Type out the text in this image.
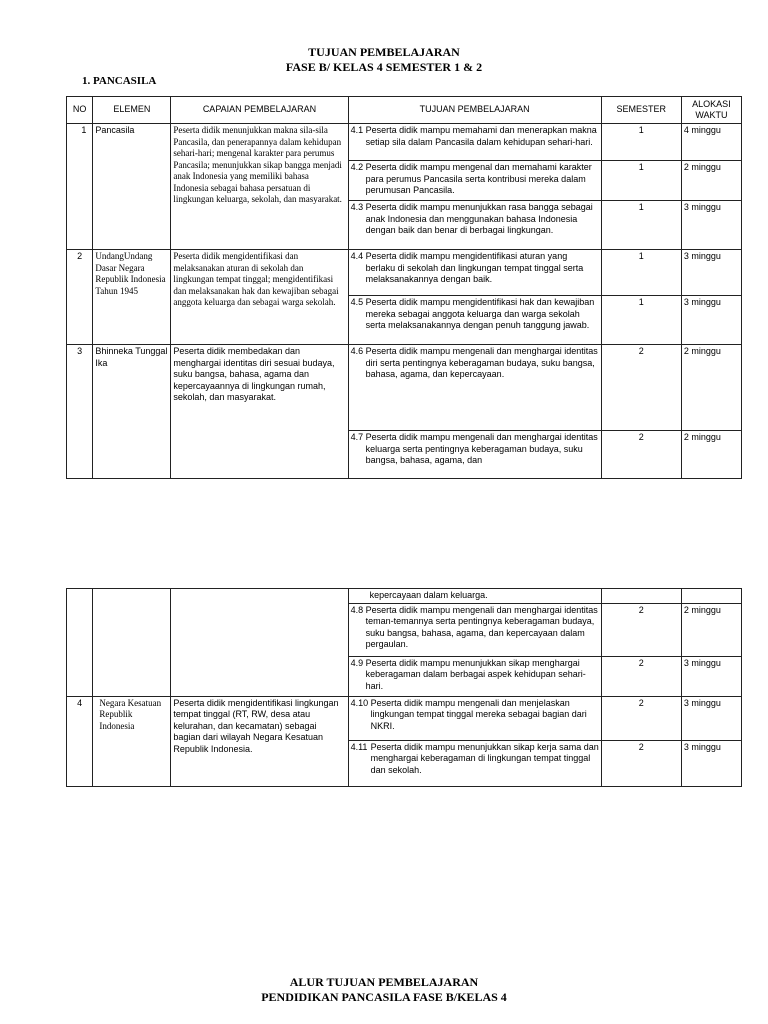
TUJUAN PEMBELAJARAN
FASE B/ KELAS 4 SEMESTER 1 & 2
1. PANCASILA
NO	ELEMEN	CAPAIAN PEMBELAJARAN	TUJUAN PEMBELAJARAN	SEMESTER	ALOKASI WAKTU
1	Pancasila	Peserta didik menunjukkan makna sila-sila Pancasila, dan penerapannya dalam kehidupan sehari-hari; mengenal karakter para perumus Pancasila; menunjukkan sikap bangga menjadi anak Indonesia yang memiliki bahasa Indonesia sebagai bahasa persatuan di lingkungan keluarga, sekolah, dan masyarakat.	4.1 Peserta didik mampu memahami dan menerapkan makna setiap sila dalam Pancasila dalam kehidupan sehari-hari.	1	4 minggu

			4.2 Peserta didik mampu mengenal dan memahami karakter para perumus Pancasila serta kontribusi mereka dalam perumusan Pancasila.	1	2 minggu

			4.3 Peserta didik mampu menunjukkan rasa bangga sebagai anak Indonesia dan menggunakan bahasa Indonesia dengan baik dan benar di berbagai lingkungan.	1	3 minggu
2	UndangUndang Dasar Negara Republik Indonesia Tahun 1945	Peserta didik mengidentifikasi dan melaksanakan aturan di sekolah dan lingkungan tempat tinggal; mengidentifikasi dan melaksanakan hak dan kewajiban sebagai anggota keluarga dan sebagai warga sekolah.	4.4 Peserta didik mampu mengidentifikasi aturan yang berlaku di sekolah dan lingkungan tempat tinggal serta melaksanakannya dengan baik.	1	3 minggu

			4.5 Peserta didik mampu mengidentifikasi hak dan kewajiban mereka sebagai anggota keluarga dan warga sekolah serta melaksanakannya dengan penuh tanggung jawab.	1	3 minggu
3	Bhinneka Tunggal Ika	Peserta didik membedakan dan menghargai identitas diri sesuai budaya, suku bangsa, bahasa, agama dan kepercayaannya di lingkungan rumah, sekolah, dan masyarakat.	4.6 Peserta didik mampu mengenali dan menghargai identitas diri serta pentingnya keberagaman budaya, suku bangsa, bahasa, agama, dan kepercayaan.	2	2 minggu

			4.7 Peserta didik mampu mengenali dan menghargai identitas keluarga serta pentingnya keberagaman budaya, suku bangsa, bahasa, agama, dan	2	2 minggu

			kepercayaan dalam keluarga.		

			4.8 Peserta didik mampu mengenali dan menghargai identitas teman-temannya serta pentingnya keberagaman budaya, suku bangsa, bahasa, agama, dan kepercayaan dalam pergaulan.	2	2 minggu

			4.9 Peserta didik mampu menunjukkan sikap menghargai keberagaman dalam berbagai aspek kehidupan sehari-hari.	2	3 minggu
4	Negara Kesatuan Republik Indonesia	Peserta didik mengidentifikasi lingkungan tempat tinggal (RT, RW, desa atau kelurahan, dan kecamatan) sebagai bagian dari wilayah Negara Kesatuan Republik Indonesia.	4.10 Peserta didik mampu mengenali dan menjelaskan lingkungan tempat tinggal mereka sebagai bagian dari NKRI.	2	3 minggu

			4.11 Peserta didik mampu menunjukkan sikap kerja sama dan menghargai keberagaman di lingkungan tempat tinggal dan sekolah.	2	3 minggu
ALUR TUJUAN PEMBELAJARAN
PENDIDIKAN PANCASILA FASE B/KELAS 4
